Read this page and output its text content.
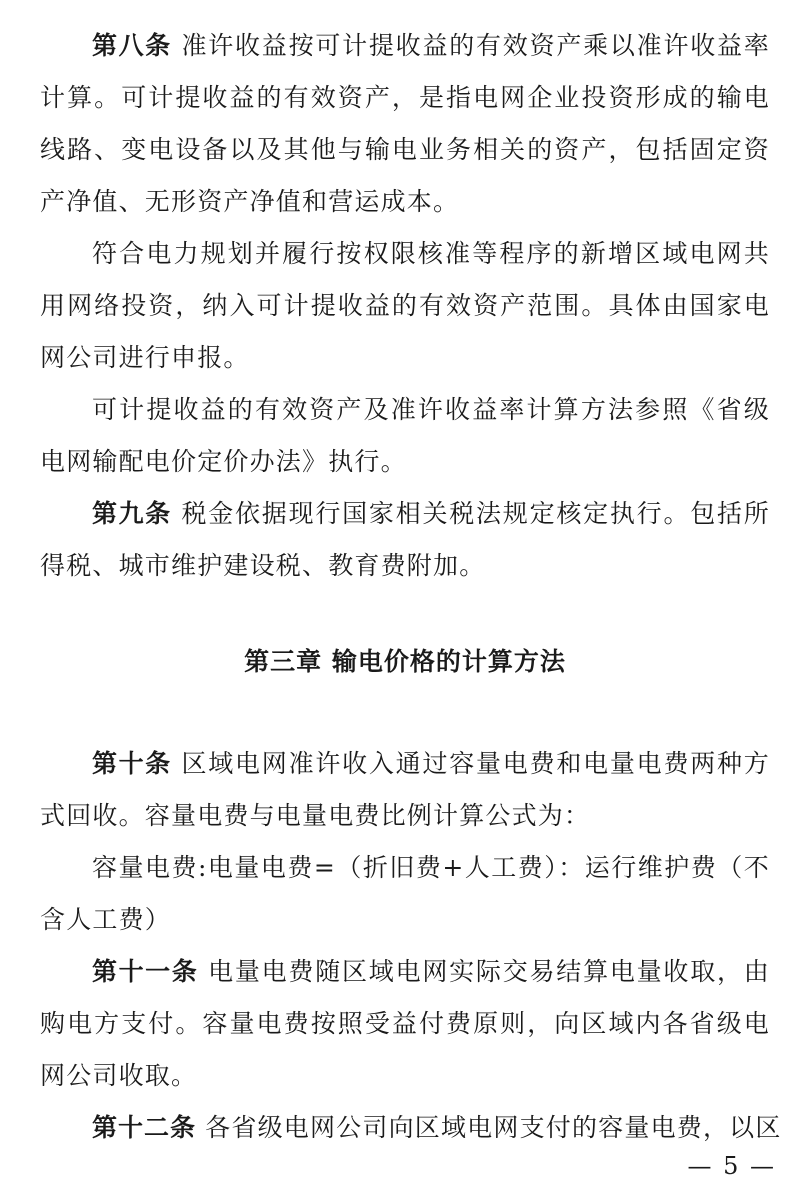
第八条 准许收益按可计提收益的有效资产乘以准许收益率计算。可计提收益的有效资产，是指电网企业投资形成的输电线路、变电设备以及其他与输电业务相关的资产，包括固定资产净值、无形资产净值和营运成本。

符合电力规划并履行按权限核准等程序的新增区域电网共用网络投资，纳入可计提收益的有效资产范围。具体由国家电网公司进行申报。

可计提收益的有效资产及准许收益率计算方法参照《省级电网输配电价定价办法》执行。

第九条 税金依据现行国家相关税法规定核定执行。包括所得税、城市维护建设税、教育费附加。

第三章 输电价格的计算方法

第十条 区域电网准许收入通过容量电费和电量电费两种方式回收。容量电费与电量电费比例计算公式为：

容量电费:电量电费=（折旧费+人工费）：运行维护费（不含人工费）

第十一条 电量电费随区域电网实际交易结算电量收取，由购电方支付。容量电费按照受益付费原则，向区域内各省级电网公司收取。

第十二条 各省级电网公司向区域电网支付的容量电费，以区

— 5 —
